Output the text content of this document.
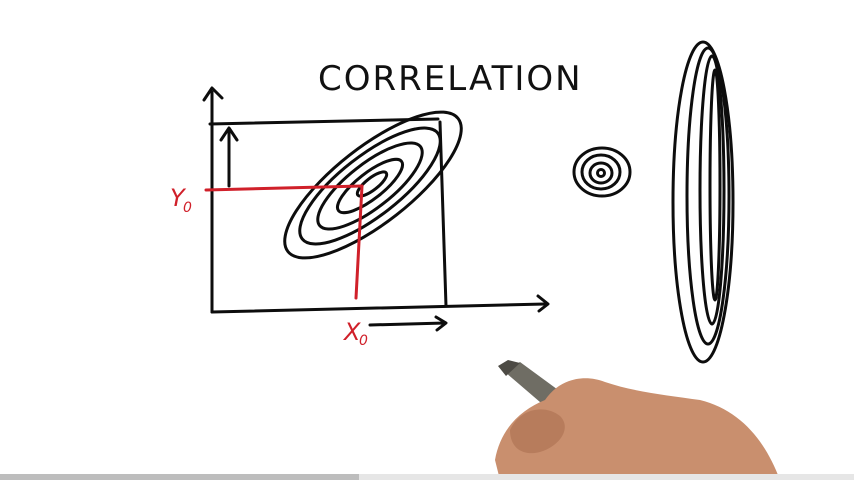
CORRELATION
Y
0
X
0
